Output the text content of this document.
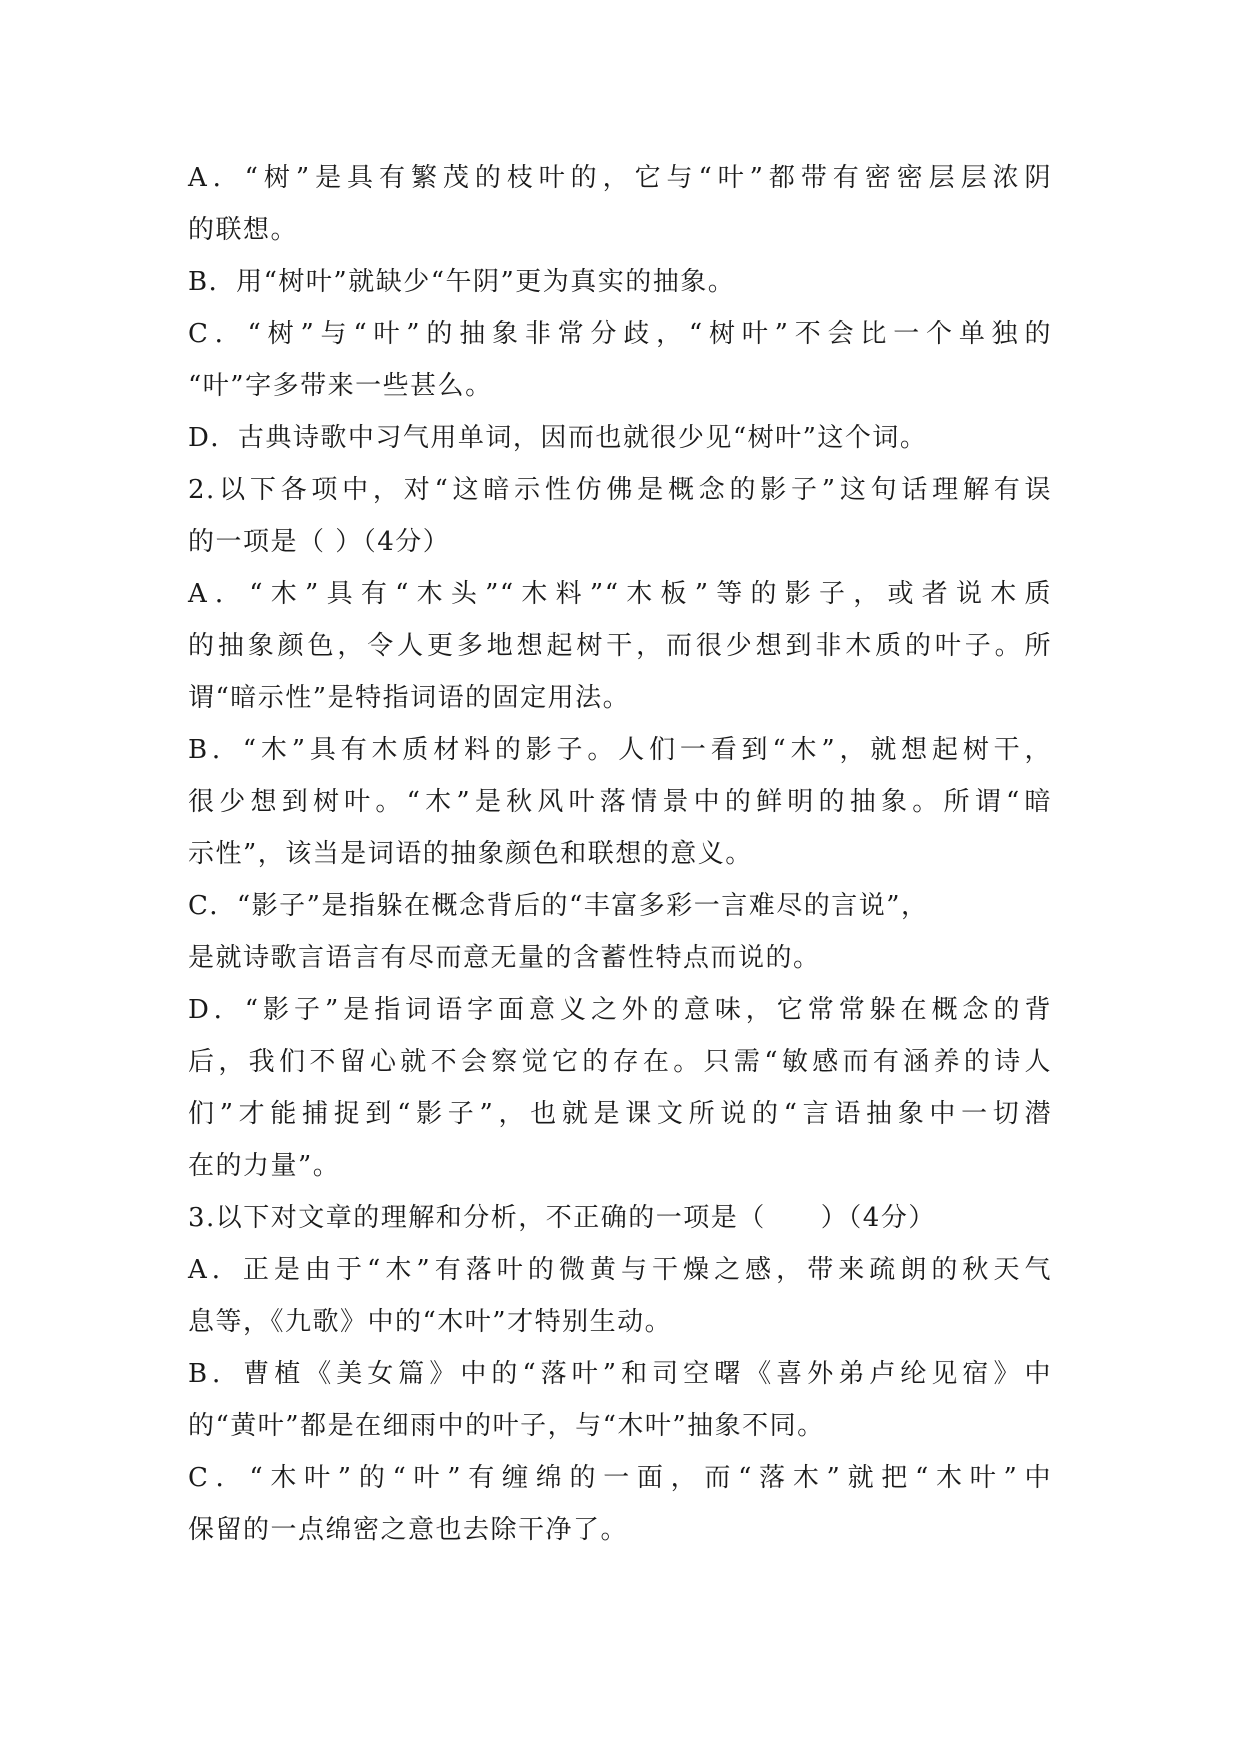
A．“树”是具有繁茂的枝叶的，它与“叶”都带有密密层层浓阴
的联想。
B．用“树叶”就缺少“午阴”更为真实的抽象。
C．“树”与“叶”的抽象非常分歧，“树叶”不会比一个单独的
“叶”字多带来一些甚么。
D．古典诗歌中习气用单词，因而也就很少见“树叶”这个词。
2.以下各项中，对“这暗示性仿佛是概念的影子”这句话理解有误
的一项是（ ）（4分）
A．“木”具有“木头”“木料”“木板”等的影子，或者说木质
的抽象颜色，令人更多地想起树干，而很少想到非木质的叶子。所
谓“暗示性”是特指词语的固定用法。
B．“木”具有木质材料的影子。人们一看到“木”，就想起树干，
很少想到树叶。“木”是秋风叶落情景中的鲜明的抽象。所谓“暗
示性”，该当是词语的抽象颜色和联想的意义。
C．“影子”是指躲在概念背后的“丰富多彩一言难尽的言说”，
是就诗歌言语言有尽而意无量的含蓄性特点而说的。
D．“影子”是指词语字面意义之外的意味，它常常躲在概念的背
后，我们不留心就不会察觉它的存在。只需“敏感而有涵养的诗人
们”才能捕捉到“影子”，也就是课文所说的“言语抽象中一切潜
在的力量”。
3.以下对文章的理解和分析，不正确的一项是（　　）（4分）
A．正是由于“木”有落叶的微黄与干燥之感，带来疏朗的秋天气
息等，《九歌》中的“木叶”才特别生动。
B．曹植《美女篇》中的“落叶”和司空曙《喜外弟卢纶见宿》中
的“黄叶”都是在细雨中的叶子，与“木叶”抽象不同。
C．“木叶”的“叶”有缠绵的一面，而“落木”就把“木叶”中
保留的一点绵密之意也去除干净了。
